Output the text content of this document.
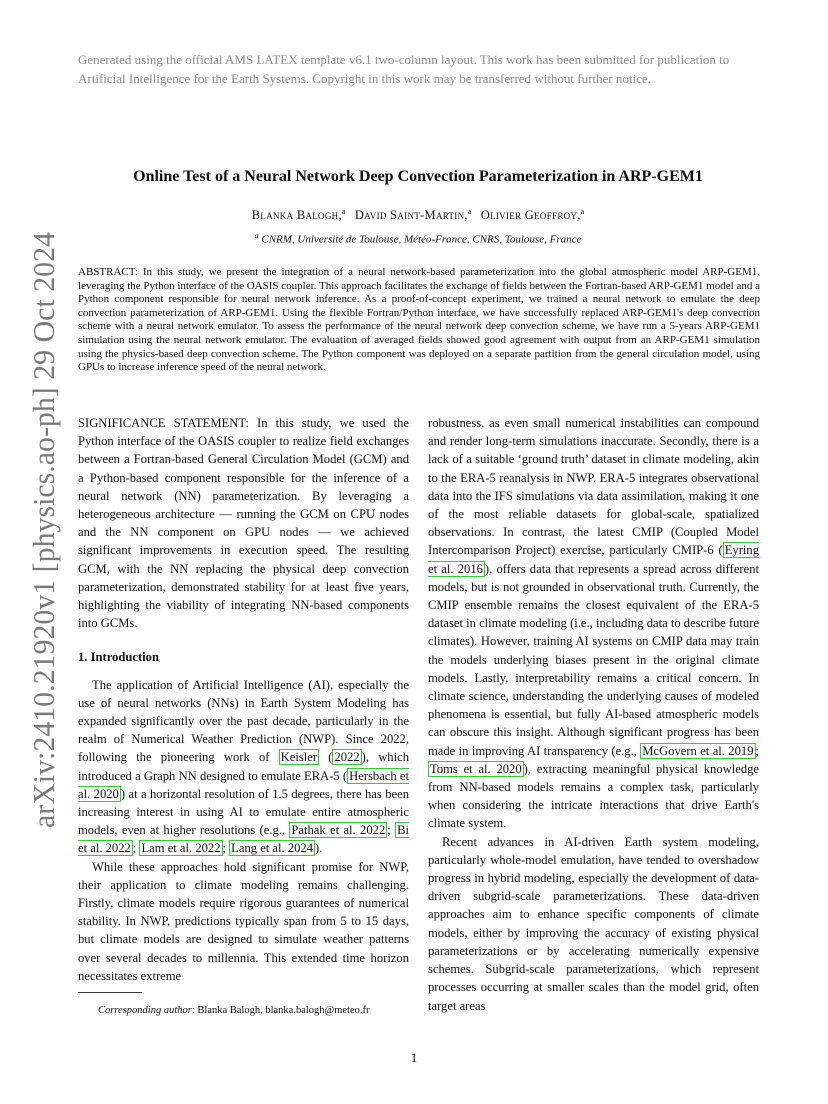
Generated using the official AMS LATEX template v6.1 two-column layout. This work has been submitted for publication to Artificial Intelligence for the Earth Systems. Copyright in this work may be transferred without further notice.
arXiv:2410.21920v1 [physics.ao-ph] 29 Oct 2024
Online Test of a Neural Network Deep Convection Parameterization in ARP-GEM1
Blanka Balogh,$^a$ David Saint-Martin,$^a$ Olivier Geoffroy,$^a$
$^a$ CNRM, Université de Toulouse, Météo-France, CNRS, Toulouse, France
ABSTRACT: In this study, we present the integration of a neural network-based parameterization into the global atmospheric model ARP-GEM1, leveraging the Python interface of the OASIS coupler. This approach facilitates the exchange of fields between the Fortran-based ARP-GEM1 model and a Python component responsible for neural network inference. As a proof-of-concept experiment, we trained a neural network to emulate the deep convection parameterization of ARP-GEM1. Using the flexible Fortran/Python interface, we have successfully replaced ARP-GEM1's deep convection scheme with a neural network emulator. To assess the performance of the neural network deep convection scheme, we have run a 5-years ARP-GEM1 simulation using the neural network emulator. The evaluation of averaged fields showed good agreement with output from an ARP-GEM1 simulation using the physics-based deep convection scheme. The Python component was deployed on a separate partition from the general circulation model, using GPUs to increase inference speed of the neural network.

SIGNIFICANCE STATEMENT: In this study, we used the Python interface of the OASIS coupler to realize field exchanges between a Fortran-based General Circulation Model (GCM) and a Python-based component responsible for the inference of a neural network (NN) parameterization. By leveraging a heterogeneous architecture — running the GCM on CPU nodes and the NN component on GPU nodes — we achieved significant improvements in execution speed. The resulting GCM, with the NN replacing the physical deep convection parameterization, demonstrated stability for at least five years, highlighting the viability of integrating NN-based components into GCMs.

1. Introduction

The application of Artificial Intelligence (AI), especially the use of neural networks (NNs) in Earth System Modeling has expanded significantly over the past decade, particularly in the realm of Numerical Weather Prediction (NWP). Since 2022, following the pioneering work of Keisler ( 2022 ), which introduced a Graph NN designed to emulate ERA-5 ( Hersbach et al. 2020 ) at a horizontal resolution of 1.5 degrees, there has been increasing interest in using AI to emulate entire atmospheric models, even at higher resolutions (e.g., Pathak et al. 2022 ; Bi et al. 2022 ; Lam et al. 2022 ; Lang et al. 2024 ).

While these approaches hold significant promise for NWP, their application to climate modeling remains challenging. Firstly, climate models require rigorous guarantees of numerical stability. In NWP, predictions typically span from 5 to 15 days, but climate models are designed to simulate weather patterns over several decades to millennia. This extended time horizon necessitates extreme

robustness, as even small numerical instabilities can compound and render long-term simulations inaccurate. Secondly, there is a lack of a suitable ‘ground truth’ dataset in climate modeling, akin to the ERA-5 reanalysis in NWP. ERA-5 integrates observational data into the IFS simulations via data assimilation, making it one of the most reliable datasets for global-scale, spatialized observations. In contrast, the latest CMIP (Coupled Model Intercomparison Project) exercise, particularly CMIP-6 ( Eyring et al. 2016 ), offers data that represents a spread across different models, but is not grounded in observational truth. Currently, the CMIP ensemble remains the closest equivalent of the ERA-5 dataset in climate modeling (i.e., including data to describe future climates). However, training AI systems on CMIP data may train the models underlying biases present in the original climate models. Lastly, interpretability remains a critical concern. In climate science, understanding the underlying causes of modeled phenomena is essential, but fully AI-based atmospheric models can obscure this insight. Although significant progress has been made in improving AI transparency (e.g., McGovern et al. 2019 ; Toms et al. 2020 ), extracting meaningful physical knowledge from NN-based models remains a complex task, particularly when considering the intricate interactions that drive Earth's climate system.

Recent advances in AI-driven Earth system modeling, particularly whole-model emulation, have tended to overshadow progress in hybrid modeling, especially the development of data-driven subgrid-scale parameterizations. These data-driven approaches aim to enhance specific components of climate models, either by improving the accuracy of existing physical parameterizations or by accelerating numerically expensive schemes. Subgrid-scale parameterizations, which represent processes occurring at smaller scales than the model grid, often target areas

Corresponding author: Blanka Balogh, blanka.balogh@meteo.fr
1
